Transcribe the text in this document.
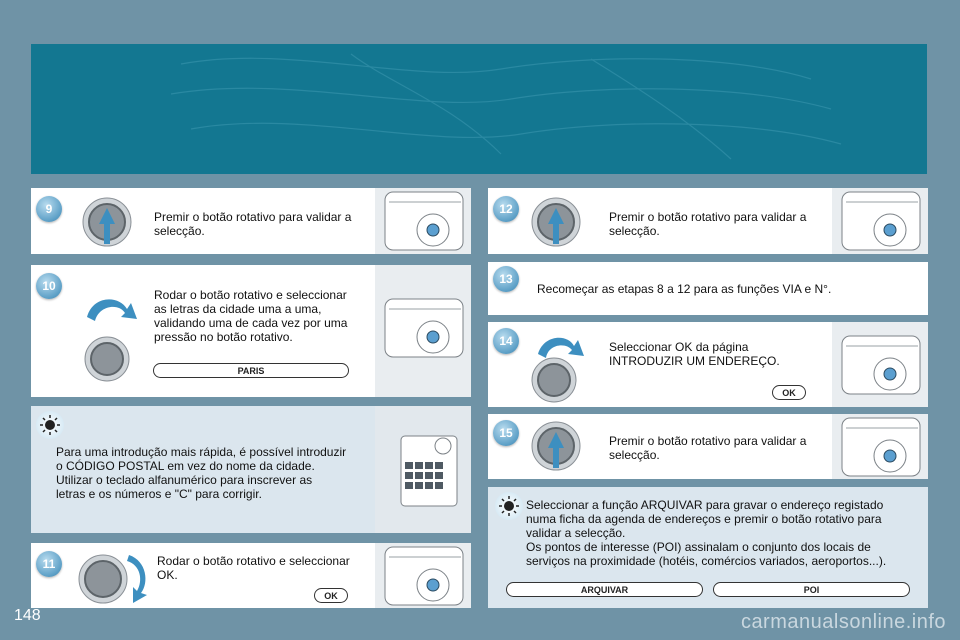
9
Premir o botão rotativo para validar a
selecção.
10
Rodar o botão rotativo e seleccionar
as letras da cidade uma a uma,
validando uma de cada vez por uma
pressão no botão rotativo.
PARIS
Para uma introdução mais rápida, é possível introduzir
o CÓDIGO POSTAL em vez do nome da cidade.
Utilizar o teclado alfanumérico para inscrever as
letras e os números e "C" para corrigir.
11	Rodar o botão rotativo e seleccionar
OK.
OK
12
Premir o botão rotativo para validar a
selecção.
13
Recomeçar as etapas 8 a 12 para as funções VIA e N°.
14	Seleccionar OK da página
INTRODUZIR UM ENDEREÇO.
OK
15
Premir o botão rotativo para validar a
selecção.
Seleccionar a função ARQUIVAR para gravar o endereço registado
numa ficha da agenda de endereços e premir o botão rotativo para
validar a selecção.
Os pontos de interesse (POI) assinalam o conjunto dos locais de
serviços na proximidade (hotéis, comércios variados, aeroportos...).
ARQUIVAR	POI
148	carmanualsonline.info
